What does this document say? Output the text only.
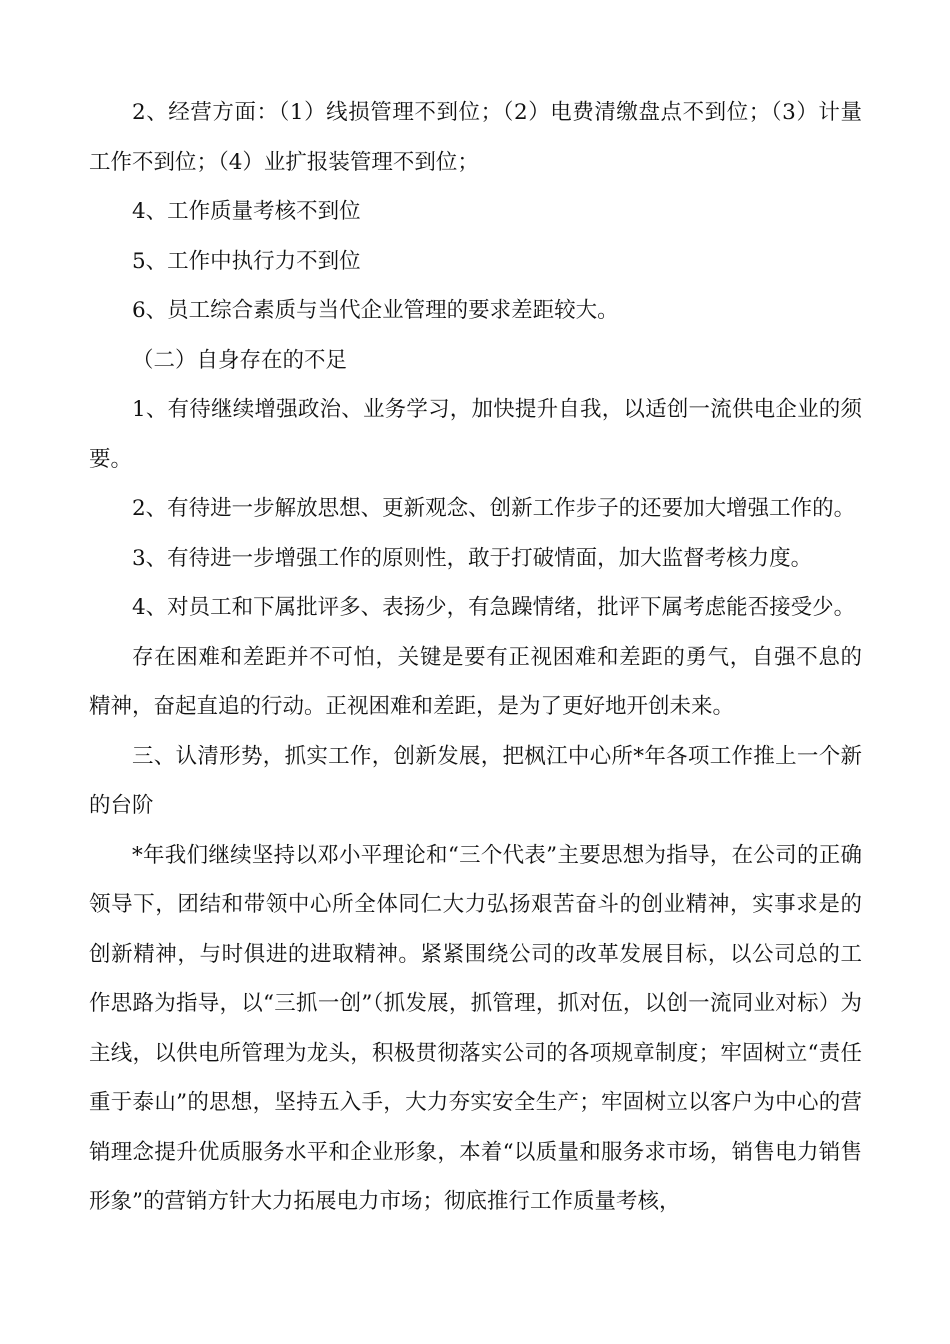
2、经营方面：（1）线损管理不到位；（2）电费清缴盘点不到位；（3）计量工作不到位；（4）业扩报装管理不到位；

4、工作质量考核不到位

5、工作中执行力不到位

6、员工综合素质与当代企业管理的要求差距较大。

（二）自身存在的不足

1、有待继续增强政治、业务学习，加快提升自我，以适创一流供电企业的须要。

2、有待进一步解放思想、更新观念、创新工作步子的还要加大增强工作的。

3、有待进一步增强工作的原则性，敢于打破情面，加大监督考核力度。

4、对员工和下属批评多、表扬少，有急躁情绪，批评下属考虑能否接受少。

存在困难和差距并不可怕，关键是要有正视困难和差距的勇气，自强不息的精神，奋起直追的行动。正视困难和差距，是为了更好地开创未来。

三、认清形势，抓实工作，创新发展，把枫江中心所*年各项工作推上一个新的台阶

*年我们继续坚持以邓小平理论和“三个代表”主要思想为指导，在公司的正确领导下，团结和带领中心所全体同仁大力弘扬艰苦奋斗的创业精神，实事求是的创新精神，与时俱进的进取精神。紧紧围绕公司的改革发展目标，以公司总的工作思路为指导，以“三抓一创”（抓发展，抓管理，抓对伍，以创一流同业对标）为主线，以供电所管理为龙头，积极贯彻落实公司的各项规章制度；牢固树立“责任重于泰山”的思想，坚持五入手，大力夯实安全生产；牢固树立以客户为中心的营销理念提升优质服务水平和企业形象，本着“以质量和服务求市场，销售电力销售形象”的营销方针大力拓展电力市场；彻底推行工作质量考核，
